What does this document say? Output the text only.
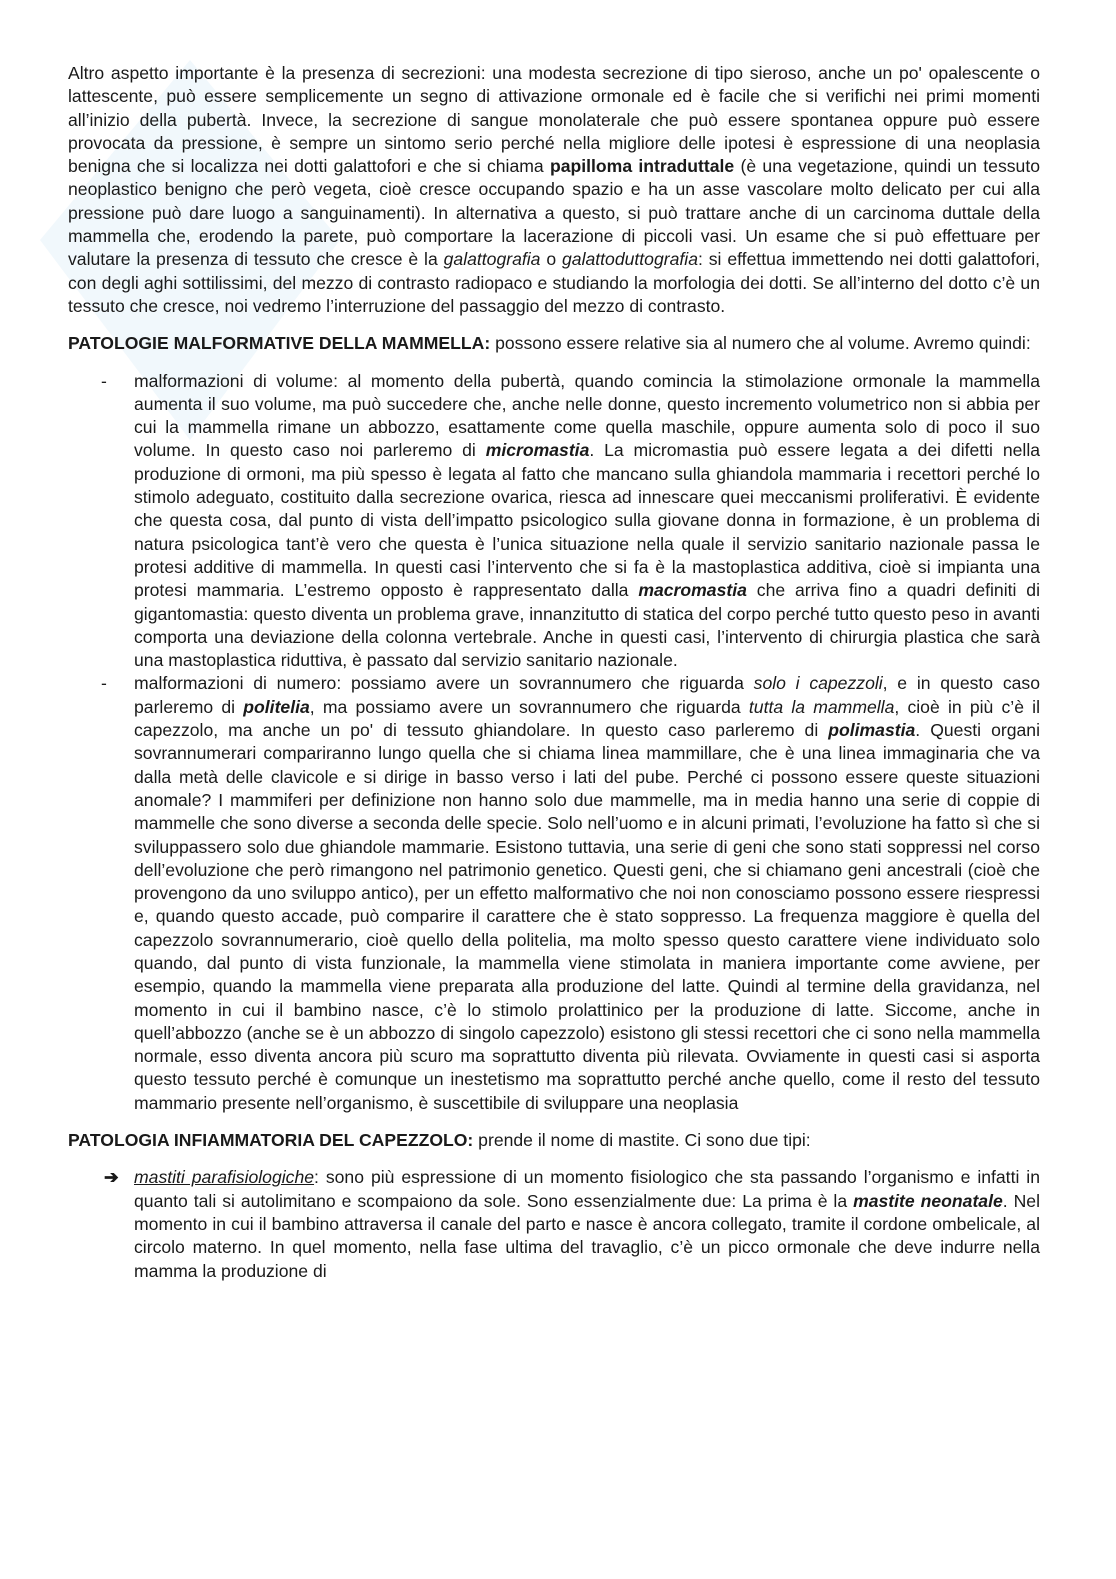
Altro aspetto importante è la presenza di secrezioni: una modesta secrezione di tipo sieroso, anche un po' opalescente o lattescente, può essere semplicemente un segno di attivazione ormonale ed è facile che si verifichi nei primi momenti all’inizio della pubertà. Invece, la secrezione di sangue monolaterale che può essere spontanea oppure può essere provocata da pressione, è sempre un sintomo serio perché nella migliore delle ipotesi è espressione di una neoplasia benigna che si localizza nei dotti galattofori e che si chiama papilloma intraduttale (è una vegetazione, quindi un tessuto neoplastico benigno che però vegeta, cioè cresce occupando spazio e ha un asse vascolare molto delicato per cui alla pressione può dare luogo a sanguinamenti). In alternativa a questo, si può trattare anche di un carcinoma duttale della mammella che, erodendo la parete, può comportare la lacerazione di piccoli vasi. Un esame che si può effettuare per valutare la presenza di tessuto che cresce è la galattografia o galattoduttografia: si effettua immettendo nei dotti galattofori, con degli aghi sottilissimi, del mezzo di contrasto radiopaco e studiando la morfologia dei dotti. Se all’interno del dotto c’è un tessuto che cresce, noi vedremo l’interruzione del passaggio del mezzo di contrasto.

PATOLOGIE MALFORMATIVE DELLA MAMMELLA: possono essere relative sia al numero che al volume. Avremo quindi:

- malformazioni di volume: al momento della pubertà, quando comincia la stimolazione ormonale la mammella aumenta il suo volume, ma può succedere che, anche nelle donne, questo incremento volumetrico non si abbia per cui la mammella rimane un abbozzo, esattamente come quella maschile, oppure aumenta solo di poco il suo volume. In questo caso noi parleremo di micromastia. La micromastia può essere legata a dei difetti nella produzione di ormoni, ma più spesso è legata al fatto che mancano sulla ghiandola mammaria i recettori perché lo stimolo adeguato, costituito dalla secrezione ovarica, riesca ad innescare quei meccanismi proliferativi. È evidente che questa cosa, dal punto di vista dell’impatto psicologico sulla giovane donna in formazione, è un problema di natura psicologica tant’è vero che questa è l’unica situazione nella quale il servizio sanitario nazionale passa le protesi additive di mammella. In questi casi l’intervento che si fa è la mastoplastica additiva, cioè si impianta una protesi mammaria. L’estremo opposto è rappresentato dalla macromastia che arriva fino a quadri definiti di gigantomastia: questo diventa un problema grave, innanzitutto di statica del corpo perché tutto questo peso in avanti comporta una deviazione della colonna vertebrale. Anche in questi casi, l’intervento di chirurgia plastica che sarà una mastoplastica riduttiva, è passato dal servizio sanitario nazionale.
- malformazioni di numero: possiamo avere un sovrannumero che riguarda solo i capezzoli, e in questo caso parleremo di politelia, ma possiamo avere un sovrannumero che riguarda tutta la mammella, cioè in più c’è il capezzolo, ma anche un po' di tessuto ghiandolare. In questo caso parleremo di polimastia. Questi organi sovrannumerari compariranno lungo quella che si chiama linea mammillare, che è una linea immaginaria che va dalla metà delle clavicole e si dirige in basso verso i lati del pube. Perché ci possono essere queste situazioni anomale? I mammiferi per definizione non hanno solo due mammelle, ma in media hanno una serie di coppie di mammelle che sono diverse a seconda delle specie. Solo nell’uomo e in alcuni primati, l’evoluzione ha fatto sì che si sviluppassero solo due ghiandole mammarie. Esistono tuttavia, una serie di geni che sono stati soppressi nel corso dell’evoluzione che però rimangono nel patrimonio genetico. Questi geni, che si chiamano geni ancestrali (cioè che provengono da uno sviluppo antico), per un effetto malformativo che noi non conosciamo possono essere riespressi e, quando questo accade, può comparire il carattere che è stato soppresso. La frequenza maggiore è quella del capezzolo sovrannumerario, cioè quello della politelia, ma molto spesso questo carattere viene individuato solo quando, dal punto di vista funzionale, la mammella viene stimolata in maniera importante come avviene, per esempio, quando la mammella viene preparata alla produzione del latte. Quindi al termine della gravidanza, nel momento in cui il bambino nasce, c’è lo stimolo prolattinico per la produzione di latte. Siccome, anche in quell’abbozzo (anche se è un abbozzo di singolo capezzolo) esistono gli stessi recettori che ci sono nella mammella normale, esso diventa ancora più scuro ma soprattutto diventa più rilevata. Ovviamente in questi casi si asporta questo tessuto perché è comunque un inestetismo ma soprattutto perché anche quello, come il resto del tessuto mammario presente nell’organismo, è suscettibile di sviluppare una neoplasia

PATOLOGIA INFIAMMATORIA DEL CAPEZZOLO: prende il nome di mastite. Ci sono due tipi:

➔ mastiti parafisiologiche: sono più espressione di un momento fisiologico che sta passando l’organismo e infatti in quanto tali si autolimitano e scompaiono da sole. Sono essenzialmente due: La prima è la mastite neonatale. Nel momento in cui il bambino attraversa il canale del parto e nasce è ancora collegato, tramite il cordone ombelicale, al circolo materno. In quel momento, nella fase ultima del travaglio, c’è un picco ormonale che deve indurre nella mamma la produzione di
